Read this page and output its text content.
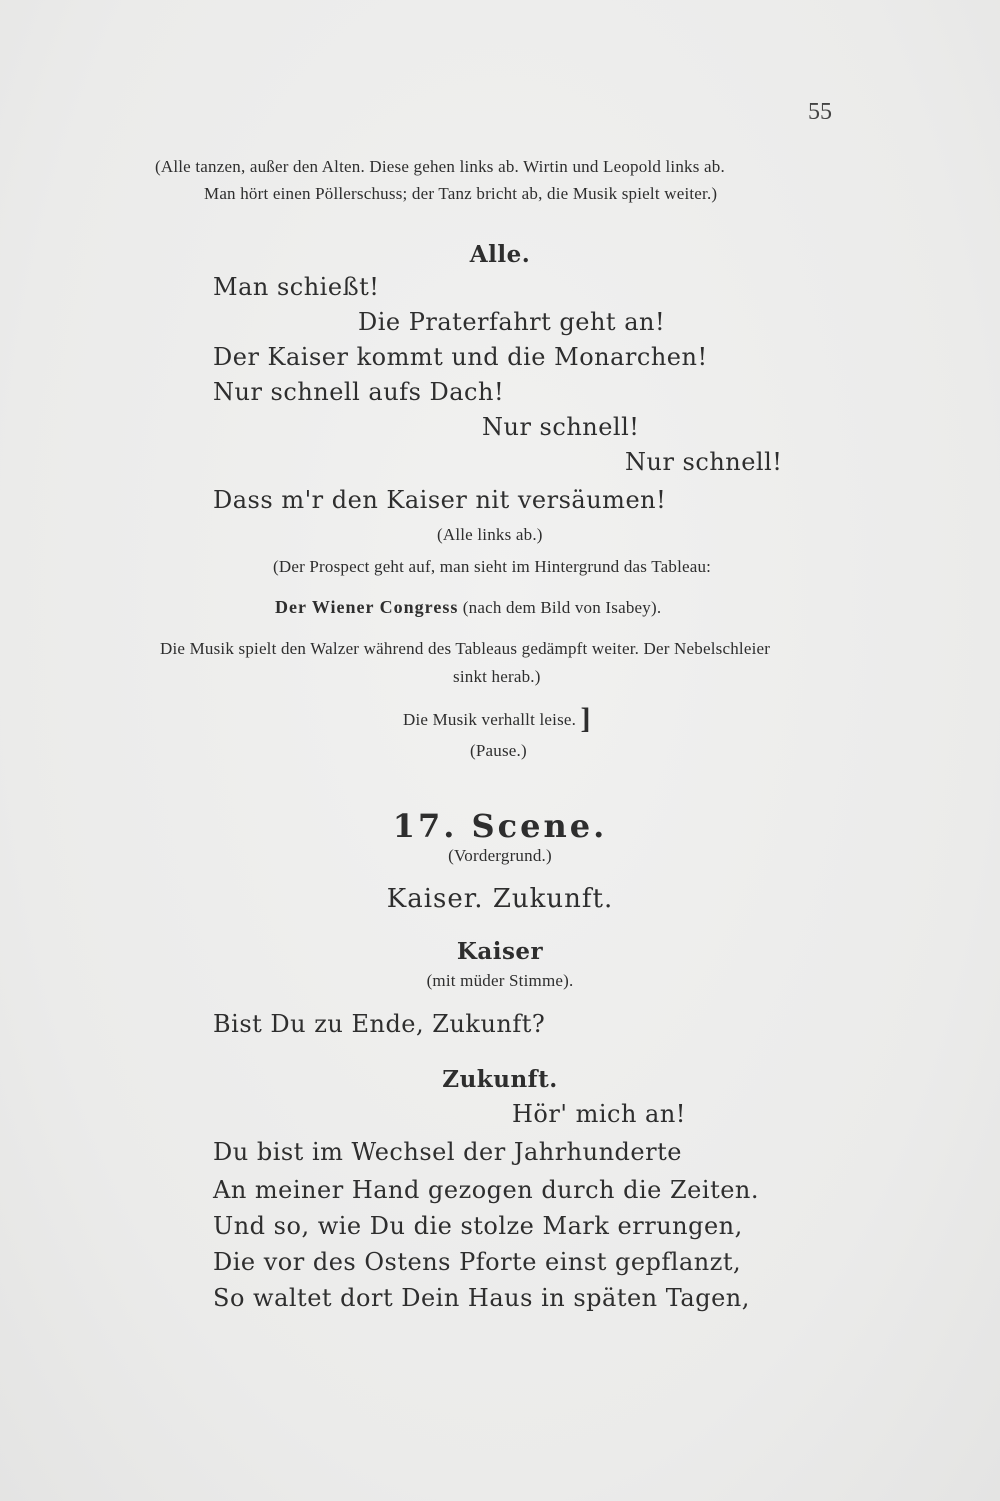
55
(Alle tanzen, außer den Alten. Diese gehen links ab. Wirtin und Leopold links ab.
Man hört einen Pöllerschuss; der Tanz bricht ab, die Musik spielt weiter.)
Alle.
Man schießt!
Die Praterfahrt geht an!
Der Kaiser kommt und die Monarchen!
Nur schnell aufs Dach!
Nur schnell!
Nur schnell!
Dass m'r den Kaiser nit versäumen!
(Alle links ab.)
(Der Prospect geht auf, man sieht im Hintergrund das Tableau:
Der Wiener Congress (nach dem Bild von Isabey).
Die Musik spielt den Walzer während des Tableaus gedämpft weiter. Der Nebelschleier
sinkt herab.)
Die Musik verhallt leise. ]
(Pause.)
17. Scene.
(Vordergrund.)
Kaiser. Zukunft.
Kaiser
(mit müder Stimme).
Bist Du zu Ende, Zukunft?
Zukunft.
Hör' mich an!
Du bist im Wechsel der Jahrhunderte
An meiner Hand gezogen durch die Zeiten.
Und so, wie Du die stolze Mark errungen,
Die vor des Ostens Pforte einst gepflanzt,
So waltet dort Dein Haus in späten Tagen,
